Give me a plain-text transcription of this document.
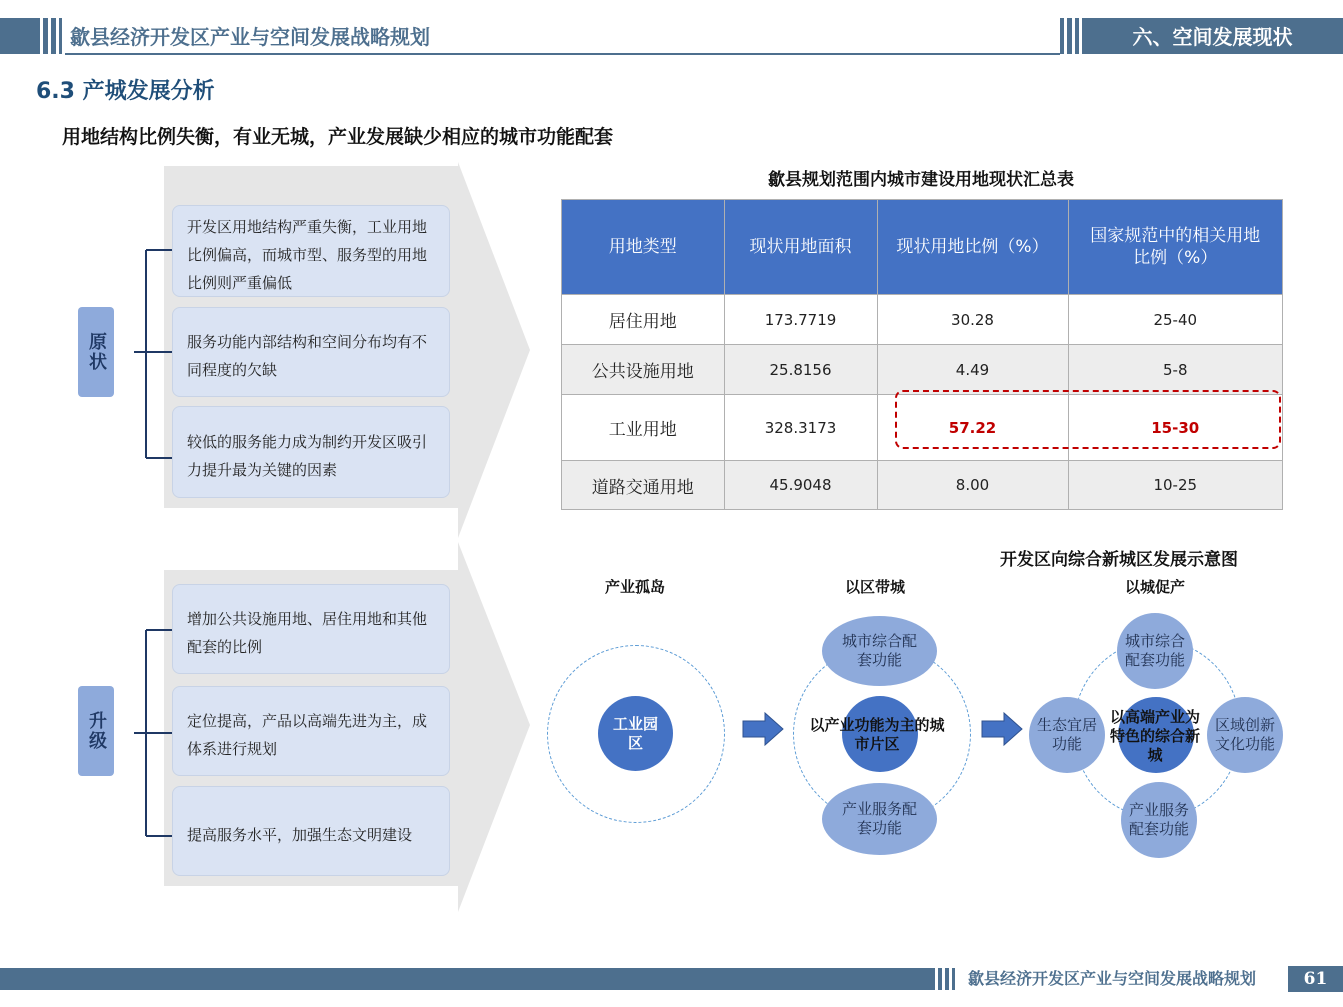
歙县经济开发区产业与空间发展战略规划	六、空间发展现状
6.3 产城发展分析
用地结构比例失衡，有业无城，产业发展缺少相应的城市功能配套
原状
开发区用地结构严重失衡，工业用地比例偏高，而城市型、服务型的用地比例则严重偏低
服务功能内部结构和空间分布均有不同程度的欠缺
较低的服务能力成为制约开发区吸引力提升最为关键的因素
升级
增加公共设施用地、居住用地和其他配套的比例
定位提高，产品以高端先进为主，成体系进行规划
提高服务水平，加强生态文明建设
歙县规划范围内城市建设用地现状汇总表
用地类型	现状用地面积	现状用地比例（%）	国家规范中的相关用地比例（%）
居住用地	173.7719	30.28	25-40
公共设施用地	25.8156	4.49	5-8
工业用地	328.3173	57.22	15-30
道路交通用地	45.9048	8.00	10-25
开发区向综合新城区发展示意图
产业孤岛	以区带城	以城促产
工业园区
以产业功能为主的城市片区
城市综合配套功能
产业服务配套功能
以高端产业为特色的综合新城
城市综合配套功能
生态宜居功能
区域创新文化功能
产业服务配套功能
歙县经济开发区产业与空间发展战略规划	61
